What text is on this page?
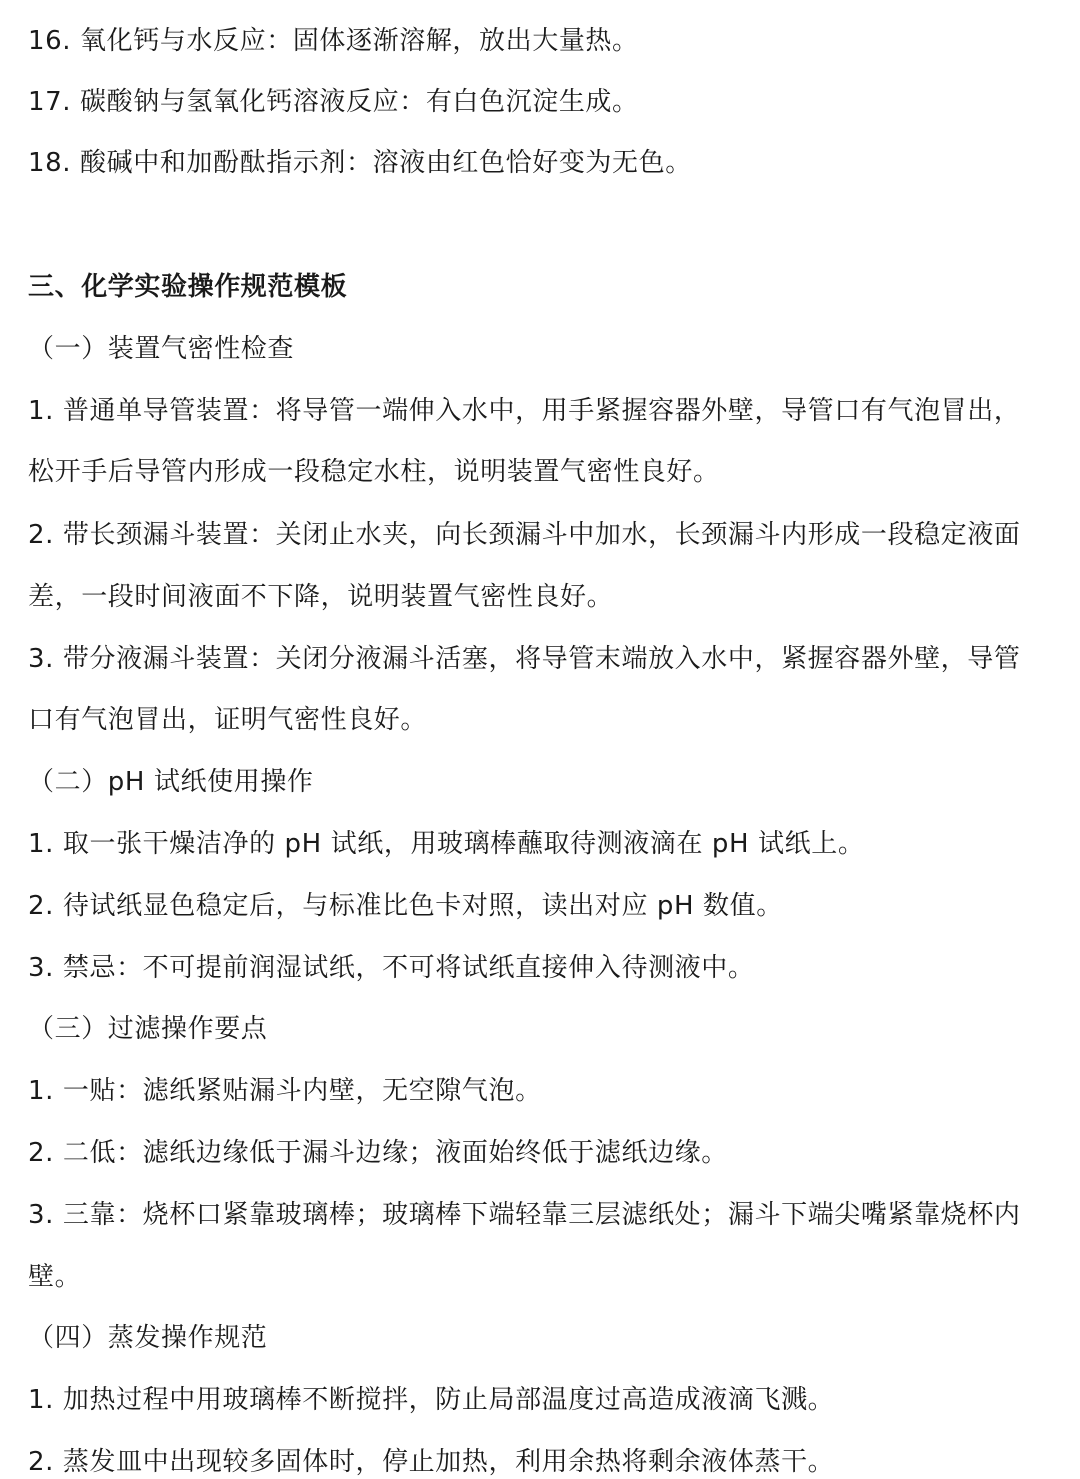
16. 氧化钙与水反应：固体逐渐溶解，放出大量热。
17. 碳酸钠与氢氧化钙溶液反应：有白色沉淀生成。
18. 酸碱中和加酚酞指示剂：溶液由红色恰好变为无色。
三、化学实验操作规范模板
（一）装置气密性检查
1. 普通单导管装置：将导管一端伸入水中，用手紧握容器外壁，导管口有气泡冒出，
松开手后导管内形成一段稳定水柱，说明装置气密性良好。
2. 带长颈漏斗装置：关闭止水夹，向长颈漏斗中加水，长颈漏斗内形成一段稳定液面
差，一段时间液面不下降，说明装置气密性良好。
3. 带分液漏斗装置：关闭分液漏斗活塞，将导管末端放入水中，紧握容器外壁，导管
口有气泡冒出，证明气密性良好。
（二）pH 试纸使用操作
1. 取一张干燥洁净的 pH 试纸，用玻璃棒蘸取待测液滴在 pH 试纸上。
2. 待试纸显色稳定后，与标准比色卡对照，读出对应 pH 数值。
3. 禁忌：不可提前润湿试纸，不可将试纸直接伸入待测液中。
（三）过滤操作要点
1. 一贴：滤纸紧贴漏斗内壁，无空隙气泡。
2. 二低：滤纸边缘低于漏斗边缘；液面始终低于滤纸边缘。
3. 三靠：烧杯口紧靠玻璃棒；玻璃棒下端轻靠三层滤纸处；漏斗下端尖嘴紧靠烧杯内
壁。
（四）蒸发操作规范
1. 加热过程中用玻璃棒不断搅拌，防止局部温度过高造成液滴飞溅。
2. 蒸发皿中出现较多固体时，停止加热，利用余热将剩余液体蒸干。
